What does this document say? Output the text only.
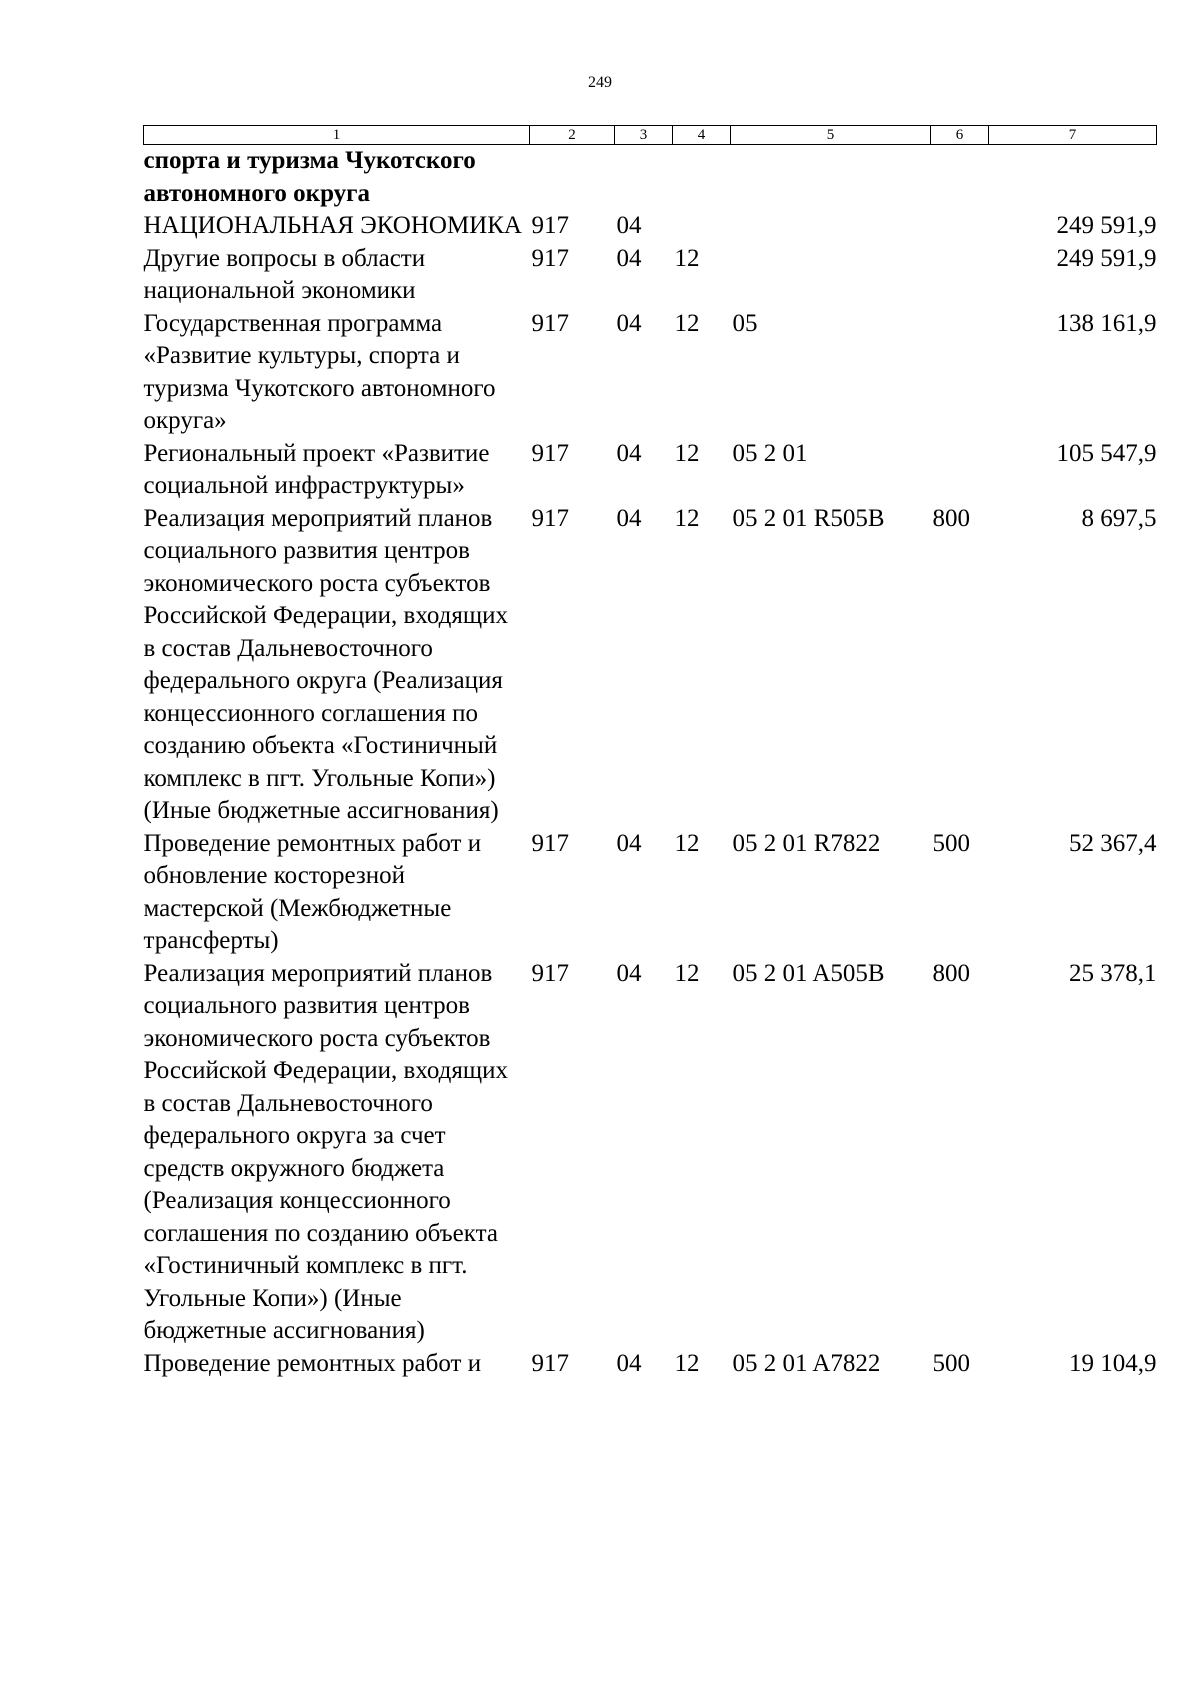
249
1	2	3	4	5	6	7
спорта и туризма Чукотского автономного округа						
НАЦИОНАЛЬНАЯ ЭКОНОМИКА	917	04				249 591,9
Другие вопросы в области национальной экономики	917	04	12			249 591,9
Государственная программа «Развитие культуры, спорта и туризма Чукотского автономного округа»	917	04	12	05		138 161,9
Региональный проект «Развитие социальной инфраструктуры»	917	04	12	05 2 01		105 547,9
Реализация мероприятий планов социального развития центров экономического роста субъектов Российской Федерации, входящих в состав Дальневосточного федерального округа (Реализация концессионного соглашения по созданию объекта «Гостиничный комплекс в пгт. Угольные Копи») (Иные бюджетные ассигнования)	917	04	12	05 2 01 R505B	800	8 697,5
Проведение ремонтных работ и обновление косторезной мастерской (Межбюджетные трансферты)	917	04	12	05 2 01 R7822	500	52 367,4
Реализация мероприятий планов социального развития центров экономического роста субъектов Российской Федерации, входящих в состав Дальневосточного федерального округа за счет средств окружного бюджета (Реализация концессионного соглашения по созданию объекта «Гостиничный комплекс в пгт. Угольные Копи») (Иные бюджетные ассигнования)	917	04	12	05 2 01 A505B	800	25 378,1
Проведение ремонтных работ и	917	04	12	05 2 01 A7822	500	19 104,9
